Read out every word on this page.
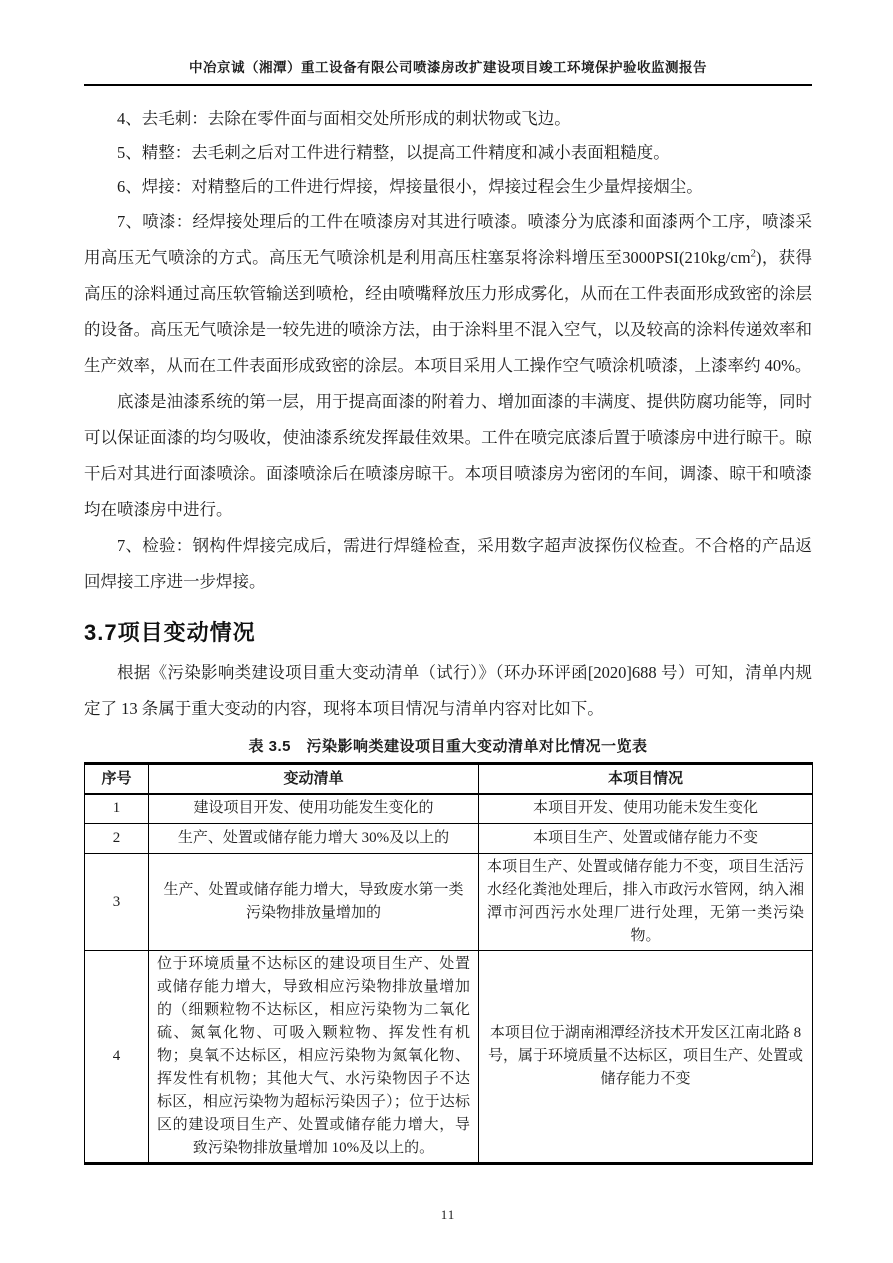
中冶京诚（湘潭）重工设备有限公司喷漆房改扩建设项目竣工环境保护验收监测报告

4、去毛刺：去除在零件面与面相交处所形成的刺状物或飞边。

5、精整：去毛刺之后对工件进行精整，以提高工件精度和减小表面粗糙度。

6、焊接：对精整后的工件进行焊接，焊接量很小，焊接过程会生少量焊接烟尘。

7、喷漆：经焊接处理后的工件在喷漆房对其进行喷漆。喷漆分为底漆和面漆两个工序，喷漆采用高压无气喷涂的方式。高压无气喷涂机是利用高压柱塞泵将涂料增压至$3000PSI(210kg/cm^2)$，获得高压的涂料通过高压软管输送到喷枪，经由喷嘴释放压力形成雾化，从而在工件表面形成致密的涂层的设备。高压无气喷涂是一较先进的喷涂方法，由于涂料里不混入空气，以及较高的涂料传递效率和生产效率，从而在工件表面形成致密的涂层。本项目采用人工操作空气喷涂机喷漆，上漆率约 40%。

底漆是油漆系统的第一层，用于提高面漆的附着力、增加面漆的丰满度、提供防腐功能等，同时可以保证面漆的均匀吸收，使油漆系统发挥最佳效果。工件在喷完底漆后置于喷漆房中进行晾干。晾干后对其进行面漆喷涂。面漆喷涂后在喷漆房晾干。本项目喷漆房为密闭的车间，调漆、晾干和喷漆均在喷漆房中进行。

7、检验：钢构件焊接完成后，需进行焊缝检查，采用数字超声波探伤仪检查。不合格的产品返回焊接工序进一步焊接。

3.7项目变动情况

根据《污染影响类建设项目重大变动清单（试行）》（环办环评函[2020]688 号）可知，清单内规定了 13 条属于重大变动的内容，现将本项目情况与清单内容对比如下。

表 3.5　污染影响类建设项目重大变动清单对比情况一览表
序号	变动清单	本项目情况
1	建设项目开发、使用功能发生变化的	本项目开发、使用功能未发生变化
2	生产、处置或储存能力增大 30%及以上的	本项目生产、处置或储存能力不变
3	生产、处置或储存能力增大，导致废水第一类污染物排放量增加的	本项目生产、处置或储存能力不变，项目生活污水经化粪池处理后，排入市政污水管网，纳入湘潭市河西污水处理厂进行处理，无第一类污染物。
4	位于环境质量不达标区的建设项目生产、处置或储存能力增大，导致相应污染物排放量增加的（细颗粒物不达标区，相应污染物为二氧化硫、氮氧化物、可吸入颗粒物、挥发性有机物；臭氧不达标区，相应污染物为氮氧化物、挥发性有机物；其他大气、水污染物因子不达标区，相应污染物为超标污染因子）；位于达标区的建设项目生产、处置或储存能力增大，导致污染物排放量增加 10%及以上的。	本项目位于湖南湘潭经济技术开发区江南北路 8 号，属于环境质量不达标区，项目生产、处置或储存能力不变
11
